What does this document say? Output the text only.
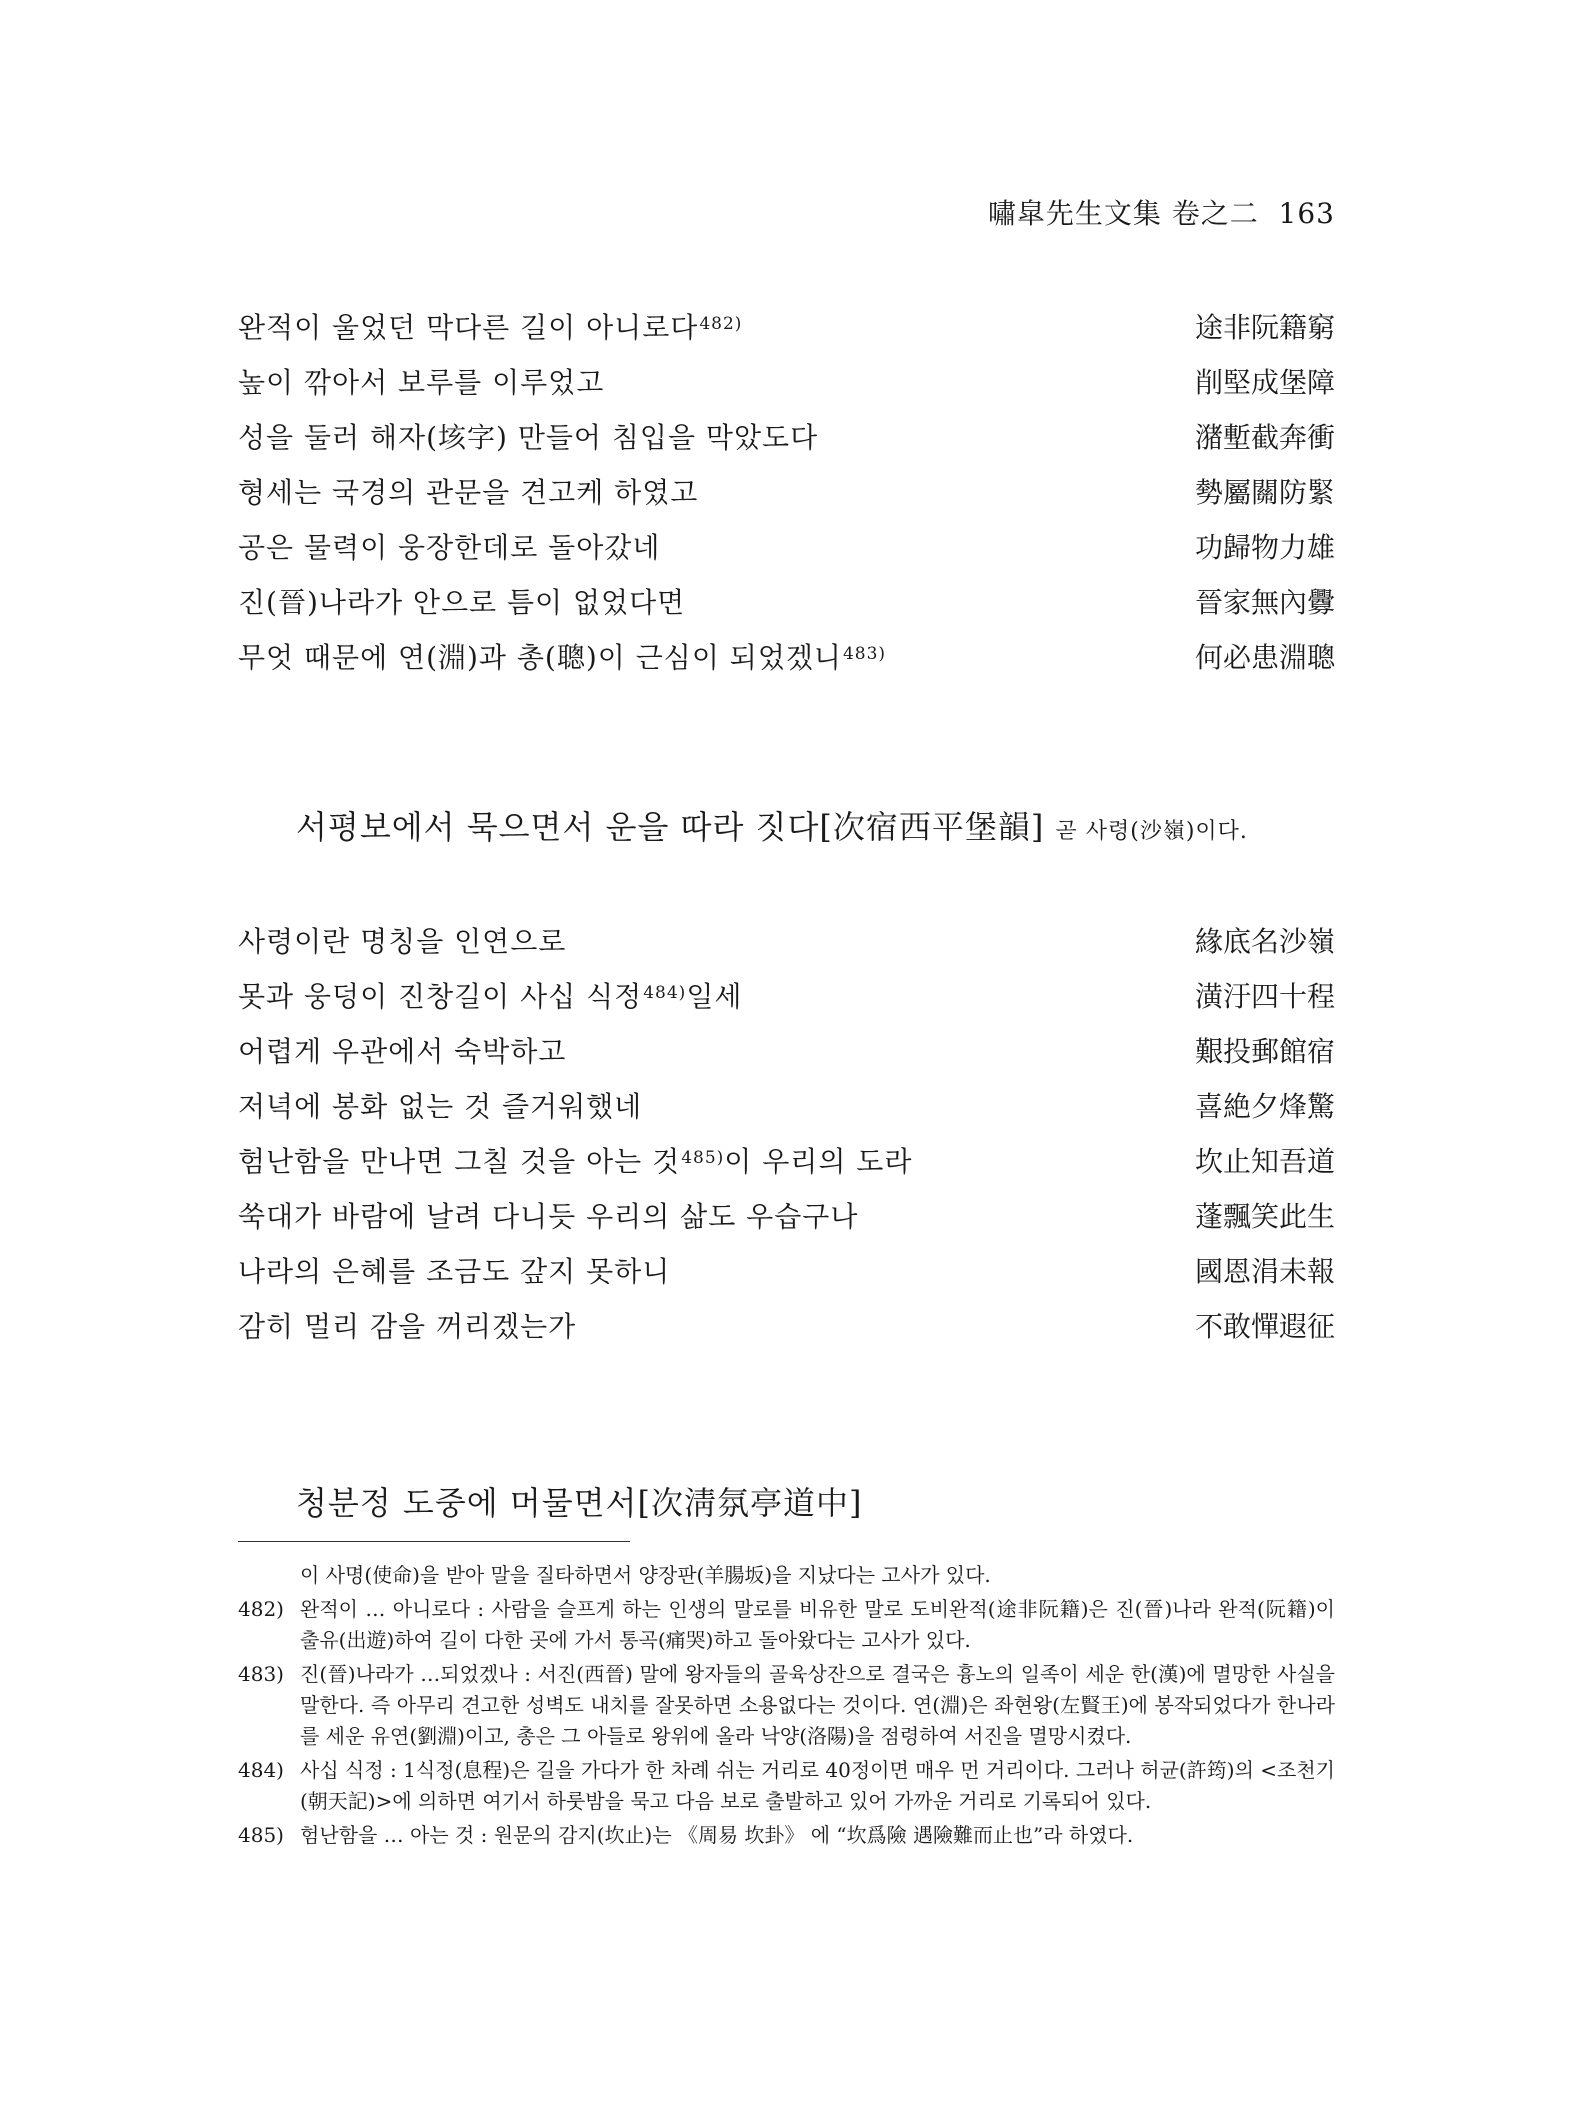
嘯皐先生文集 卷之二 163
완적이 울었던 막다른 길이 아니로다$^{482)}$	途非阮籍窮
높이 깎아서 보루를 이루었고	削堅成堡障
성을 둘러 해자(垓字) 만들어 침입을 막았도다	潴塹截奔衝
형세는 국경의 관문을 견고케 하였고	勢屬關防緊
공은 물력이 웅장한데로 돌아갔네	功歸物力雄
진(晉)나라가 안으로 틈이 없었다면	晉家無內釁
무엇 때문에 연(淵)과 총(聰)이 근심이 되었겠니$^{483)}$	何必患淵聰
서평보에서 묵으면서 운을 따라 짓다[次宿西平堡韻] 곧 사령(沙嶺)이다.
사령이란 명칭을 인연으로	緣底名沙嶺
못과 웅덩이 진창길이 사십 식정$^{484)}$일세	潢汙四十程
어렵게 우관에서 숙박하고	艱投郵館宿
저녁에 봉화 없는 것 즐거워했네	喜絶夕烽驚
험난함을 만나면 그칠 것을 아는 것$^{485)}$이 우리의 도라	坎止知吾道
쑥대가 바람에 날려 다니듯 우리의 삶도 우습구나	蓬飄笑此生
나라의 은혜를 조금도 갚지 못하니	國恩涓未報
감히 멀리 감을 꺼리겠는가	不敢憚遐征
청분정 도중에 머물면서[次淸氛亭道中]
이 사명(使命)을 받아 말을 질타하면서 양장판(羊腸坂)을 지났다는 고사가 있다.
482) 완적이 … 아니로다 : 사람을 슬프게 하는 인생의 말로를 비유한 말로 도비완적(途非阮籍)은 진(晉)나라 완적(阮籍)이 출유(出遊)하여 길이 다한 곳에 가서 통곡(痛哭)하고 돌아왔다는 고사가 있다.
483) 진(晉)나라가 …되었겠나 : 서진(西晉) 말에 왕자들의 골육상잔으로 결국은 흉노의 일족이 세운 한(漢)에 멸망한 사실을 말한다. 즉 아무리 견고한 성벽도 내치를 잘못하면 소용없다는 것이다. 연(淵)은 좌현왕(左賢王)에 봉작되었다가 한나라를 세운 유연(劉淵)이고, 총은 그 아들로 왕위에 올라 낙양(洛陽)을 점령하여 서진을 멸망시켰다.
484) 사십 식정 : 1식정(息程)은 길을 가다가 한 차례 쉬는 거리로 40정이면 매우 먼 거리이다. 그러나 허균(許筠)의 <조천기(朝天記)>에 의하면 여기서 하룻밤을 묵고 다음 보로 출발하고 있어 가까운 거리로 기록되어 있다.
485) 험난함을 … 아는 것 : 원문의 감지(坎止)는 《周易 坎卦》 에 “坎爲險 遇險難而止也”라 하였다.
